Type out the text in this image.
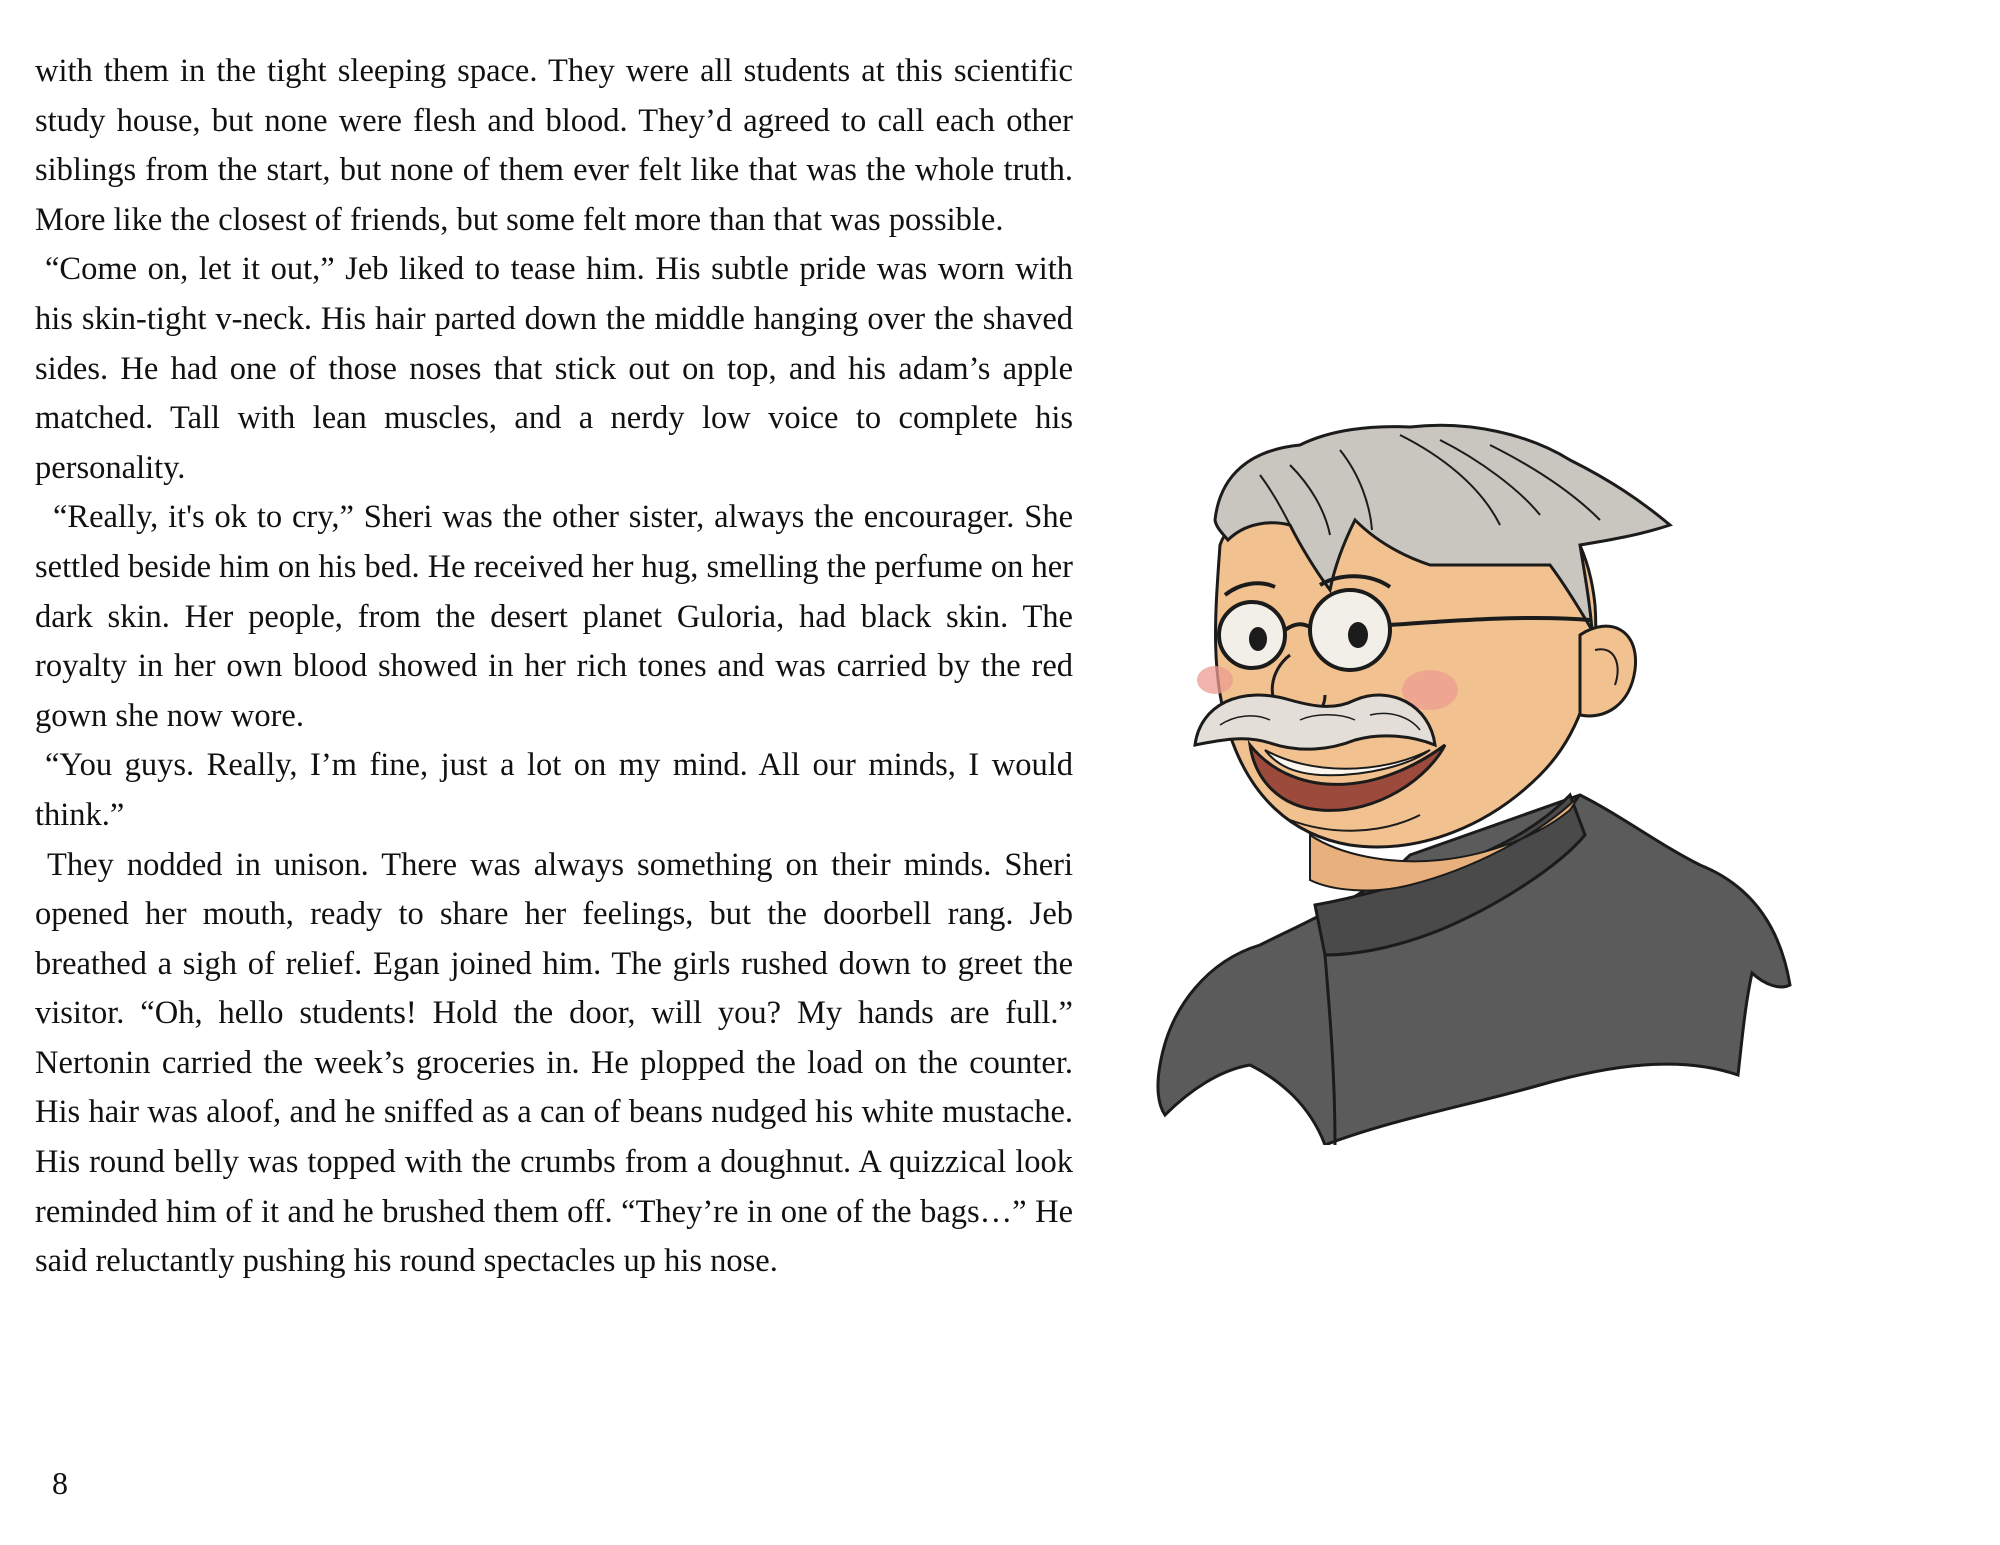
with them in the tight sleeping space. They were all students at this scientific study house, but none were flesh and blood. They’d agreed to call each other siblings from the start, but none of them ever felt like that was the whole truth. More like the closest of friends, but some felt more than that was possible.

“Come on, let it out,” Jeb liked to tease him. His subtle pride was worn with his skin-tight v-neck. His hair parted down the middle hanging over the shaved sides. He had one of those noses that stick out on top, and his adam’s apple matched. Tall with lean muscles, and a nerdy low voice to complete his personality.

“Really, it's ok to cry,” Sheri was the other sister, always the encourager. She settled beside him on his bed. He received her hug, smelling the perfume on her dark skin. Her people, from the desert planet Guloria, had black skin. The royalty in her own blood showed in her rich tones and was carried by the red gown she now wore.

“You guys. Really, I’m fine, just a lot on my mind. All our minds, I would think.”

They nodded in unison. There was always something on their minds. Sheri opened her mouth, ready to share her feelings, but the doorbell rang. Jeb breathed a sigh of relief. Egan joined him. The girls rushed down to greet the visitor. “Oh, hello students! Hold the door, will you? My hands are full.” Nertonin carried the week’s groceries in. He plopped the load on the counter. His hair was aloof, and he sniffed as a can of beans nudged his white mustache. His round belly was topped with the crumbs from a doughnut. A quizzical look reminded him of it and he brushed them off. “They’re in one of the bags…” He said reluctantly pushing his round spectacles up his nose.

8
